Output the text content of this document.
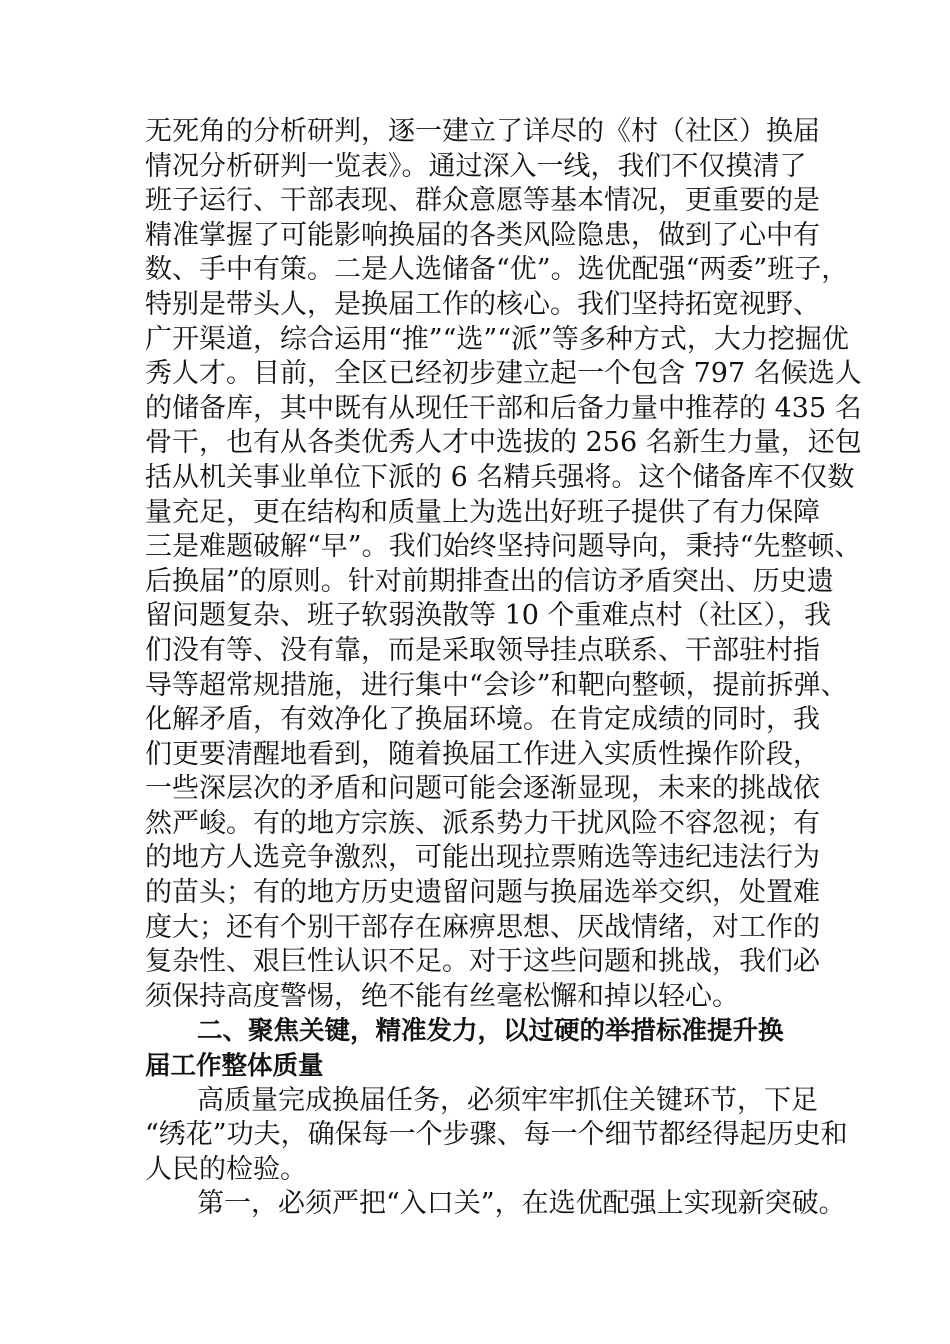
无死角的分析研判，逐一建立了详尽的《村（社区）换届
情况分析研判一览表》。通过深入一线，我们不仅摸清了
班子运行、干部表现、群众意愿等基本情况，更重要的是
精准掌握了可能影响换届的各类风险隐患，做到了心中有
数、手中有策。二是人选储备“优”。选优配强“两委”班子，
特别是带头人，是换届工作的核心。我们坚持拓宽视野、
广开渠道，综合运用“推”“选”“派”等多种方式，大力挖掘优
秀人才。目前，全区已经初步建立起一个包含 797 名候选人
的储备库，其中既有从现任干部和后备力量中推荐的 435 名
骨干，也有从各类优秀人才中选拔的 256 名新生力量，还包
括从机关事业单位下派的 6 名精兵强将。这个储备库不仅数
量充足，更在结构和质量上为选出好班子提供了有力保障
三是难题破解“早”。我们始终坚持问题导向，秉持“先整顿、
后换届”的原则。针对前期排查出的信访矛盾突出、历史遗
留问题复杂、班子软弱涣散等 10 个重难点村（社区），我
们没有等、没有靠，而是采取领导挂点联系、干部驻村指
导等超常规措施，进行集中“会诊”和靶向整顿，提前拆弹、
化解矛盾，有效净化了换届环境。在肯定成绩的同时，我
们更要清醒地看到，随着换届工作进入实质性操作阶段，
一些深层次的矛盾和问题可能会逐渐显现，未来的挑战依
然严峻。有的地方宗族、派系势力干扰风险不容忽视；有
的地方人选竞争激烈，可能出现拉票贿选等违纪违法行为
的苗头；有的地方历史遗留问题与换届选举交织，处置难
度大；还有个别干部存在麻痹思想、厌战情绪，对工作的
复杂性、艰巨性认识不足。对于这些问题和挑战，我们必
须保持高度警惕，绝不能有丝毫松懈和掉以轻心。
二、聚焦关键，精准发力，以过硬的举措标准提升换
届工作整体质量
高质量完成换届任务，必须牢牢抓住关键环节，下足
“绣花”功夫，确保每一个步骤、每一个细节都经得起历史和
人民的检验。
第一，必须严把“入口关”，在选优配强上实现新突破。
